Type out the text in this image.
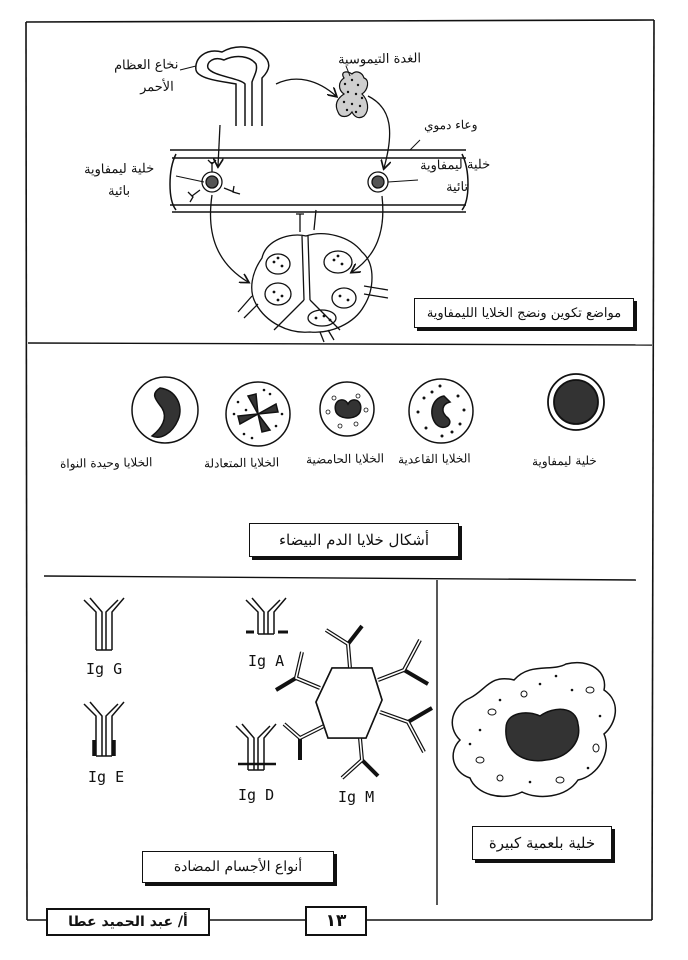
نخاع العظام
الأحمر
الغدة التيموسية
وعاء دموي
خلية ليمفاوية
بائية
خلية ليمفاوية
تائية
مواضع تكوين ونضج الخلايا الليمفاوية
الخلايا وحيدة النواة	الخلايا المتعادلة الخلايا الحامضية الخلايا القاعدية	خلية ليمفاوية
أشكال خلايا الدم البيضاء
Ig G	Ig A
Ig E
Ig D	Ig M
أنواع الأجسام المضادة
خلية بلعمية كبيرة
أ/ عبد الحميد عطا	١٣
